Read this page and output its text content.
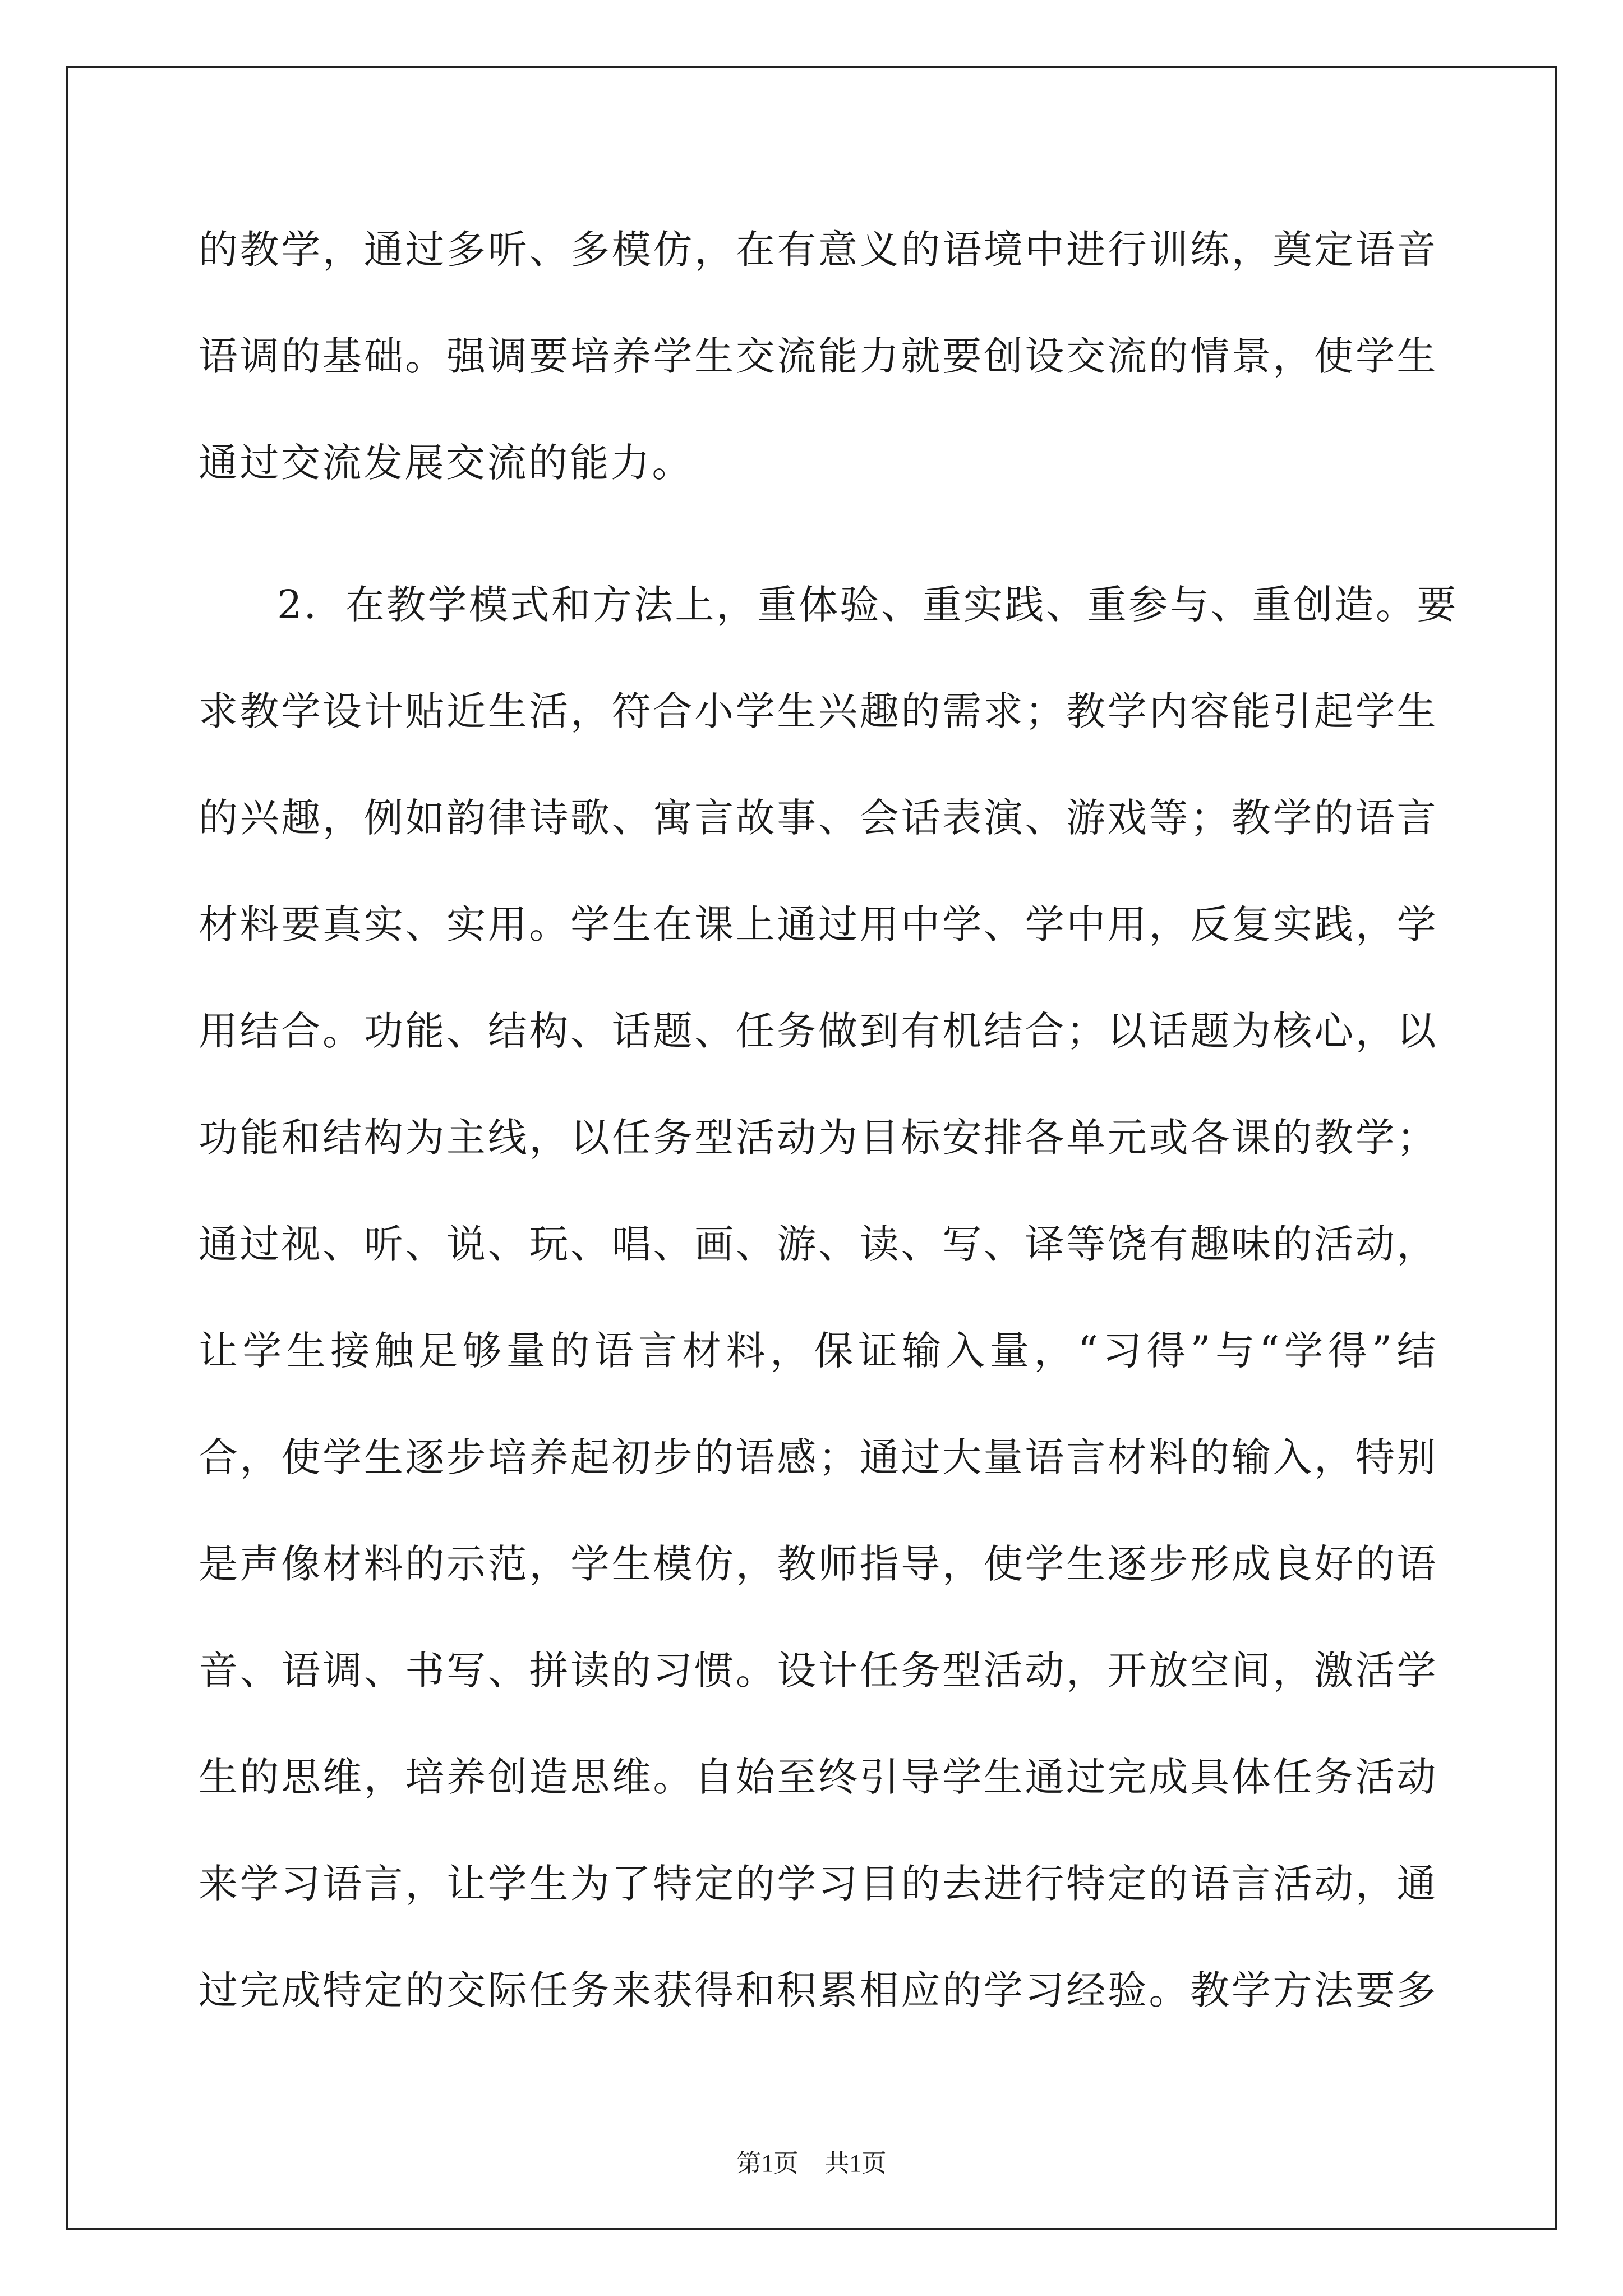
的教学，通过多听、多模仿，在有意义的语境中进行训练，奠定语音
语调的基础。强调要培养学生交流能力就要创设交流的情景，使学生
通过交流发展交流的能力。
2．在教学模式和方法上，重体验、重实践、重参与、重创造。要
求教学设计贴近生活，符合小学生兴趣的需求；教学内容能引起学生
的兴趣，例如韵律诗歌、寓言故事、会话表演、游戏等；教学的语言
材料要真实、实用。学生在课上通过用中学、学中用，反复实践，学
用结合。功能、结构、话题、任务做到有机结合；以话题为核心，以
功能和结构为主线，以任务型活动为目标安排各单元或各课的教学；
通过视、听、说、玩、唱、画、游、读、写、译等饶有趣味的活动，
让学生接触足够量的语言材料，保证输入量，“习得”与“学得”结
合，使学生逐步培养起初步的语感；通过大量语言材料的输入，特别
是声像材料的示范，学生模仿，教师指导，使学生逐步形成良好的语
音、语调、书写、拼读的习惯。设计任务型活动，开放空间，激活学
生的思维，培养创造思维。自始至终引导学生通过完成具体任务活动
来学习语言，让学生为了特定的学习目的去进行特定的语言活动，通
过完成特定的交际任务来获得和积累相应的学习经验。教学方法要多
第1页 共1页
